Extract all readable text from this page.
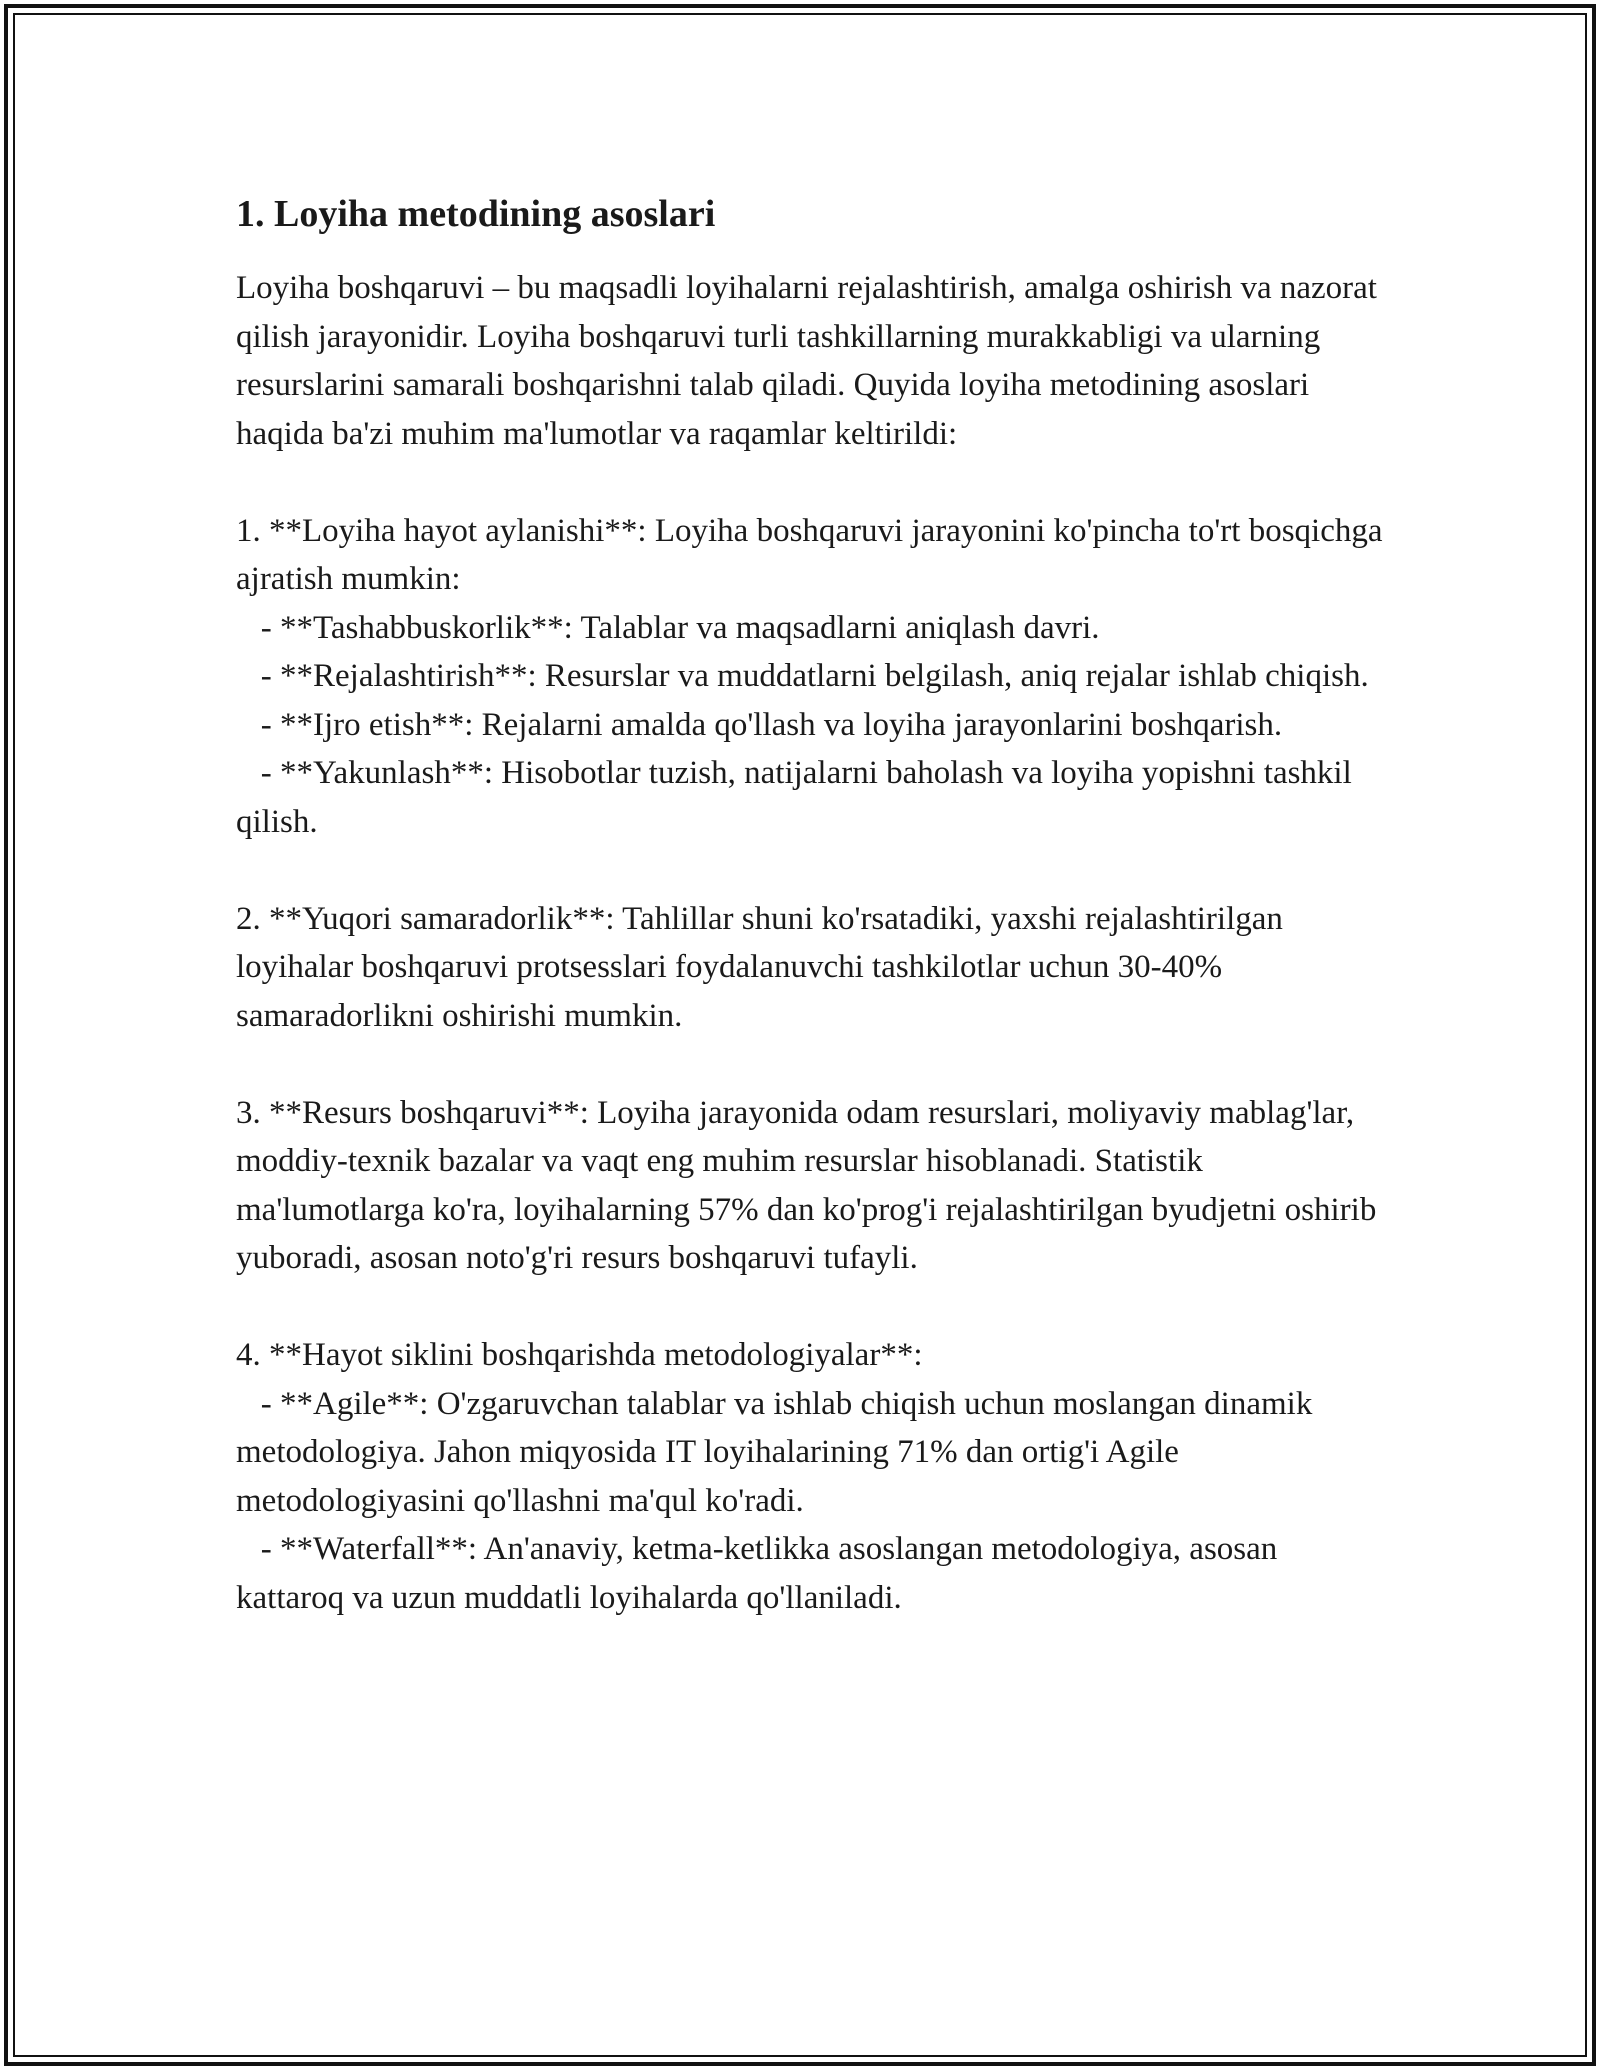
1. Loyiha metodining asoslari

Loyiha boshqaruvi – bu maqsadli loyihalarni rejalashtirish, amalga oshirish va nazorat qilish jarayonidir. Loyiha boshqaruvi turli tashkillarning murakkabligi va ularning resurslarini samarali boshqarishni talab qiladi. Quyida loyiha metodining asoslari haqida ba'zi muhim ma'lumotlar va raqamlar keltirildi:

1. **Loyiha hayot aylanishi**: Loyiha boshqaruvi jarayonini ko'pincha to'rt bosqichga ajratish mumkin:

- **Tashabbuskorlik**: Talablar va maqsadlarni aniqlash davri.

- **Rejalashtirish**: Resurslar va muddatlarni belgilash, aniq rejalar ishlab chiqish.

- **Ijro etish**: Rejalarni amalda qo'llash va loyiha jarayonlarini boshqarish.

- **Yakunlash**: Hisobotlar tuzish, natijalarni baholash va loyiha yopishni tashkil qilish.

2. **Yuqori samaradorlik**: Tahlillar shuni ko'rsatadiki, yaxshi rejalashtirilgan loyihalar boshqaruvi protsesslari foydalanuvchi tashkilotlar uchun 30-40% samaradorlikni oshirishi mumkin.

3. **Resurs boshqaruvi**: Loyiha jarayonida odam resurslari, moliyaviy mablag'lar, moddiy-texnik bazalar va vaqt eng muhim resurslar hisoblanadi. Statistik ma'lumotlarga ko'ra, loyihalarning 57% dan ko'prog'i rejalashtirilgan byudjetni oshirib yuboradi, asosan noto'g'ri resurs boshqaruvi tufayli.

4. **Hayot siklini boshqarishda metodologiyalar**:

- **Agile**: O'zgaruvchan talablar va ishlab chiqish uchun moslangan dinamik metodologiya. Jahon miqyosida IT loyihalarining 71% dan ortig'i Agile metodologiyasini qo'llashni ma'qul ko'radi.

- **Waterfall**: An'anaviy, ketma-ketlikka asoslangan metodologiya, asosan kattaroq va uzun muddatli loyihalarda qo'llaniladi.
